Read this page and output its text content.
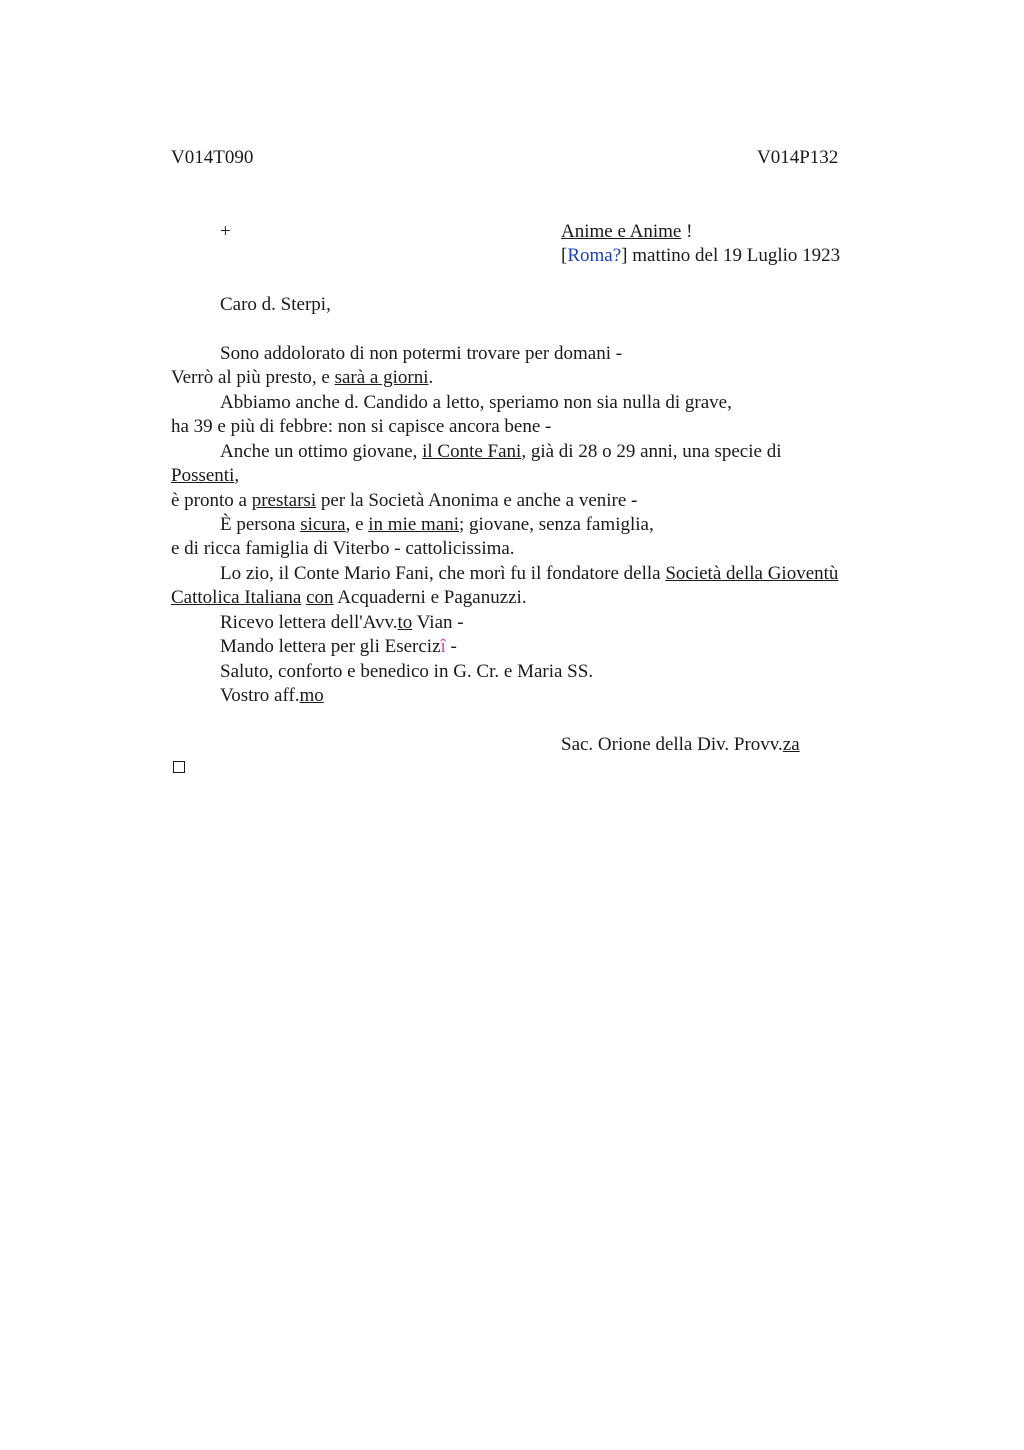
V014T090	V014P132
+	Anime e Anime !
[Roma?] mattino del 19 Luglio 1923
Caro d. Sterpi,
Sono addolorato di non potermi trovare per domani -
Verrò al più presto, e sarà a giorni.
Abbiamo anche d. Candido a letto, speriamo non sia nulla di grave,
ha 39 e più di febbre: non si capisce ancora bene -
Anche un ottimo giovane, il Conte Fani, già di 28 o 29 anni, una specie di
Possenti,
è pronto a prestarsi per la Società Anonima e anche a venire -
È persona sicura, e in mie mani; giovane, senza famiglia,
e di ricca famiglia di Viterbo - cattolicissima.
Lo zio, il Conte Mario Fani, che morì fu il fondatore della Società della Gioventù
Cattolica Italiana con Acquaderni e Paganuzzi.
Ricevo lettera dell'Avv.to Vian -
Mando lettera per gli Esercizî -
Saluto, conforto e benedico in G. Cr. e Maria SS.
Vostro aff.mo
Sac. Orione della Div. Provv.za
